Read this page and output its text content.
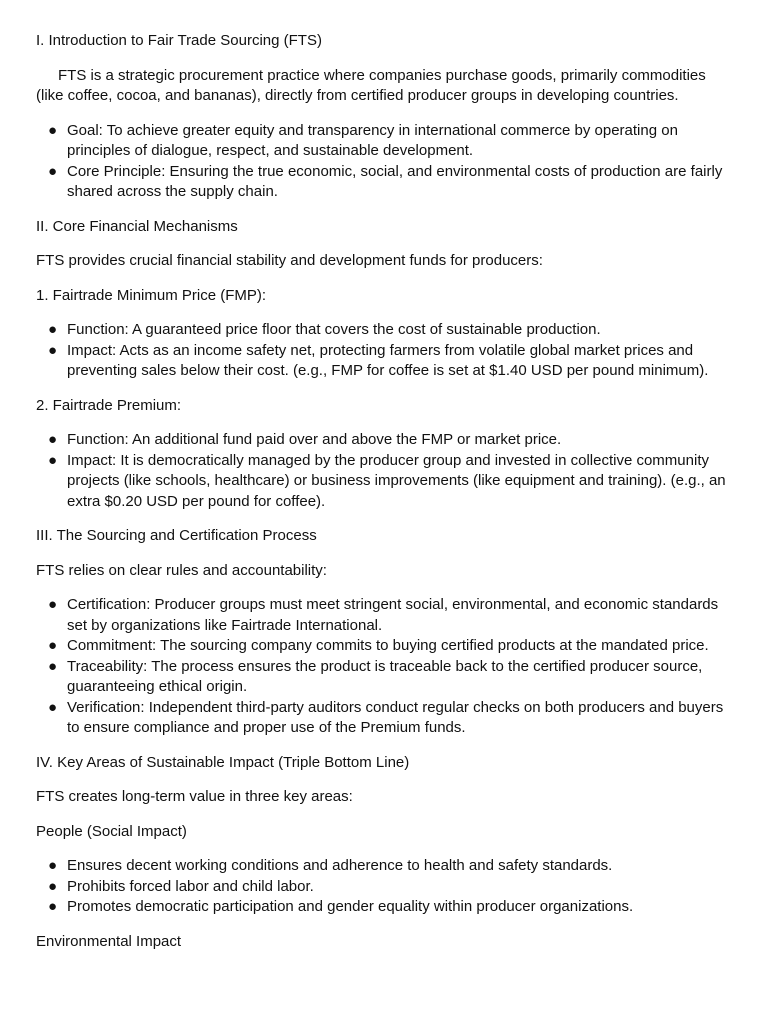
I. Introduction to Fair Trade Sourcing (FTS)

FTS is a strategic procurement practice where companies purchase goods, primarily commodities (like coffee, cocoa, and bananas), directly from certified producer groups in developing countries.

● Goal: To achieve greater equity and transparency in international commerce by operating on principles of dialogue, respect, and sustainable development.
● Core Principle: Ensuring the true economic, social, and environmental costs of production are fairly shared across the supply chain.

II. Core Financial Mechanisms

FTS provides crucial financial stability and development funds for producers:

1. Fairtrade Minimum Price (FMP):

● Function: A guaranteed price floor that covers the cost of sustainable production.
● Impact: Acts as an income safety net, protecting farmers from volatile global market prices and preventing sales below their cost. (e.g., FMP for coffee is set at $1.40 USD per pound minimum).

2. Fairtrade Premium:

● Function: An additional fund paid over and above the FMP or market price.
● Impact: It is democratically managed by the producer group and invested in collective community projects (like schools, healthcare) or business improvements (like equipment and training). (e.g., an extra $0.20 USD per pound for coffee).

III. The Sourcing and Certification Process

FTS relies on clear rules and accountability:

● Certification: Producer groups must meet stringent social, environmental, and economic standards set by organizations like Fairtrade International.
● Commitment: The sourcing company commits to buying certified products at the mandated price.
● Traceability: The process ensures the product is traceable back to the certified producer source, guaranteeing ethical origin.
● Verification: Independent third-party auditors conduct regular checks on both producers and buyers to ensure compliance and proper use of the Premium funds.

IV. Key Areas of Sustainable Impact (Triple Bottom Line)

FTS creates long-term value in three key areas:

People (Social Impact)

● Ensures decent working conditions and adherence to health and safety standards.
● Prohibits forced labor and child labor.
● Promotes democratic participation and gender equality within producer organizations.

Environmental Impact
